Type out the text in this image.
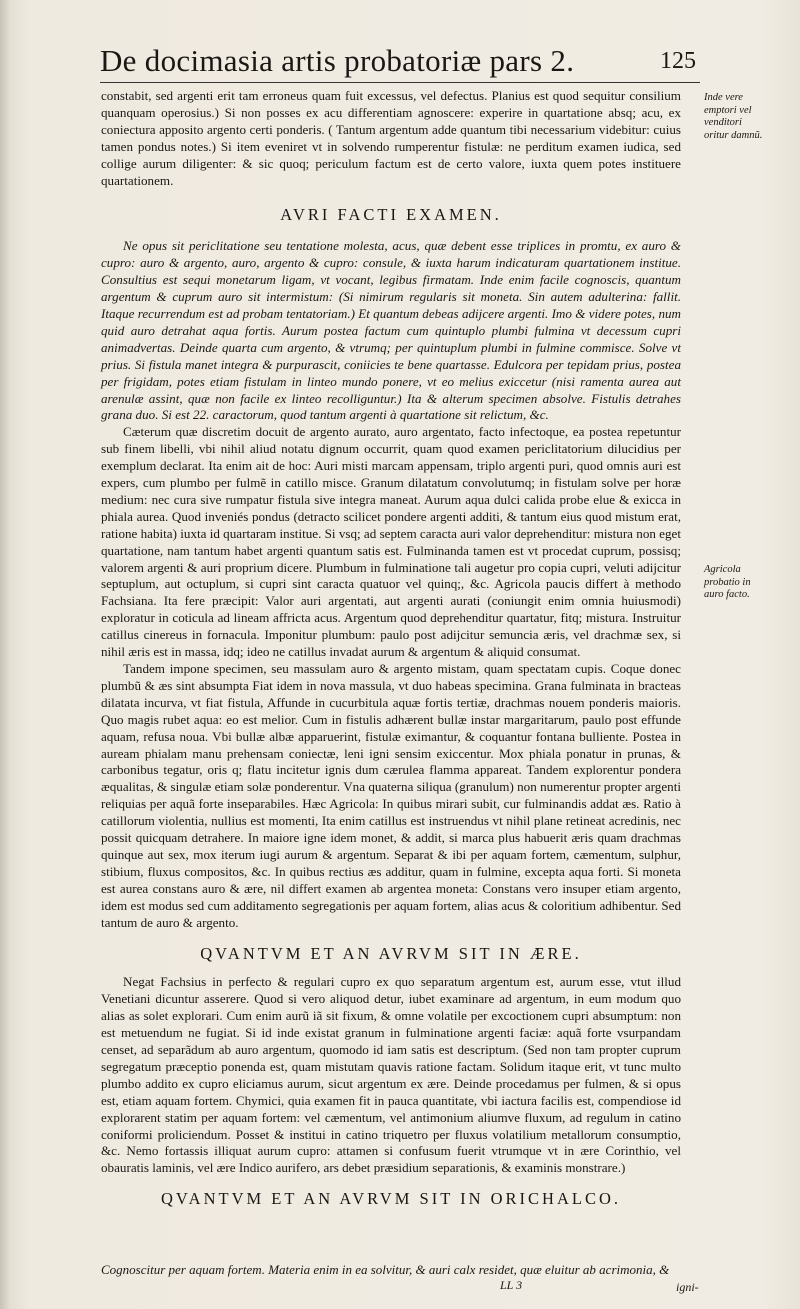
De docimasia artis probatoriæ pars 2.	125
Inde vere emptori vel venditori oritur damnũ.
Agricola probatio in auro facto.

constabit, sed argenti erit tam erroneus quam fuit excessus, vel defectus. Planius est quod sequitur consilium quanquam operosius.) Si non posses ex acu differentiam agnoscere: experire in quartatione absq; acu, ex coniectura apposito argento certi ponderis. ( Tantum argentum adde quantum tibi necessarium videbitur: cuius tamen pondus notes.) Si item eveniret vt in solvendo rumperentur fistulæ: ne perditum examen iudica, sed collige aurum diligenter: & sic quoq; periculum factum est de certo valore, iuxta quem potes instituere quartationem.

AVRI FACTI EXAMEN.

Ne opus sit periclitatione seu tentatione molesta, acus, quæ debent esse triplices in promtu, ex auro & cupro: auro & argento, auro, argento & cupro: consule, & iuxta harum indicaturam quartationem institue. Consultius est sequi monetarum ligam, vt vocant, legibus firmatam. Inde enim facile cognoscis, quantum argentum & cuprum auro sit intermistum: (Si nimirum regularis sit moneta. Sin autem adulterina: fallit. Itaque recurrendum est ad probam tentatoriam.) Et quantum debeas adijcere argenti. Imo & videre potes, num quid auro detrahat aqua fortis. Aurum postea factum cum quintuplo plumbi fulmina vt decessum cupri animadvertas. Deinde quarta cum argento, & vtrumq; per quintuplum plumbi in fulmine commisce. Solve vt prius. Si fistula manet integra & purpurascit, coniicies te bene quartasse. Edulcora per tepidam prius, postea per frigidam, potes etiam fistulam in linteo mundo ponere, vt eo melius exiccetur (nisi ramenta aurea aut arenulæ assint, quæ non facile ex linteo recolliguntur.) Ita & alterum specimen absolve. Fistulis detrahes grana duo. Si est 22. caractorum, quod tantum argenti à quartatione sit relictum, &c.

Cæterum quæ discretim docuit de argento aurato, auro argentato, facto infectoque, ea postea repetuntur sub finem libelli, vbi nihil aliud notatu dignum occurrit, quam quod examen periclitatorium dilucidius per exemplum declarat. Ita enim ait de hoc: Auri misti marcam appensam, triplo argenti puri, quod omnis auri est expers, cum plumbo per fulmẽ in catillo misce. Granum dilatatum convolutumq; in fistulam solve per horæ medium: nec cura sive rumpatur fistula sive integra maneat. Aurum aqua dulci calida probe elue & exicca in phiala aurea. Quod inveniés pondus (detracto scilicet pondere argenti additi, & tantum eius quod mistum erat, ratione habita) iuxta id quartaram institue. Si vsq; ad septem caracta auri valor deprehenditur: mistura non eget quartatione, nam tantum habet argenti quantum satis est. Fulminanda tamen est vt procedat cuprum, possisq; valorem argenti & auri proprium dicere. Plumbum in fulminatione tali augetur pro copia cupri, veluti adijcitur septuplum, aut octuplum, si cupri sint caracta quatuor vel quinq;, &c. Agricola paucis differt à methodo Fachsiana. Ita fere præcipit: Valor auri argentati, aut argenti aurati (coniungit enim omnia huiusmodi) exploratur in coticula ad lineam affricta acus. Argentum quod deprehenditur quartatur, fitq; mistura. Instruitur catillus cinereus in fornacula. Imponitur plumbum: paulo post adijcitur semuncia æris, vel drachmæ sex, si nihil æris est in massa, idq; ideo ne catillus invadat aurum & argentum & aliquid consumat.

Tandem impone specimen, seu massulam auro & argento mistam, quam spectatam cupis. Coque donec plumbũ & æs sint absumpta Fiat idem in nova massula, vt duo habeas specimina. Grana fulminata in bracteas dilatata incurva, vt fiat fistula, Affunde in cucurbitula aquæ fortis tertiæ, drachmas nouem ponderis maioris. Quo magis rubet aqua: eo est melior. Cum in fistulis adhærent bullæ instar margaritarum, paulo post effunde aquam, refusa noua. Vbi bullæ albæ apparuerint, fistulæ eximantur, & coquantur fontana bulliente. Postea in auream phialam manu prehensam coniectæ, leni igni sensim exiccentur. Mox phiala ponatur in prunas, & carbonibus tegatur, oris q; flatu incitetur ignis dum cærulea flamma appareat. Tandem explorentur pondera æqualitas, & singulæ etiam solæ ponderentur. Vna quaterna siliqua (granulum) non numerentur propter argenti reliquias per aquã forte inseparabiles. Hæc Agricola: In quibus mirari subit, cur fulminandis addat æs. Ratio à catillorum violentia, nullius est momenti, Ita enim catillus est instruendus vt nihil plane retineat acredinis, nec possit quicquam detrahere. In maiore igne idem monet, & addit, si marca plus habuerit æris quam drachmas quinque aut sex, mox iterum iugi aurum & argentum. Separat & ibi per aquam fortem, cæmentum, sulphur, stibium, fluxus compositos, &c. In quibus rectius æs additur, quam in fulmine, excepta aqua forti. Si moneta est aurea constans auro & ære, nil differt examen ab argentea moneta: Constans vero insuper etiam argento, idem est modus sed cum additamento segregationis per aquam fortem, alias acus & coloritium adhibentur. Sed tantum de auro & argento.

QVANTVM ET AN AVRVM SIT IN ÆRE.

Negat Fachsius in perfecto & regulari cupro ex quo separatum argentum est, aurum esse, vtut illud Venetiani dicuntur asserere. Quod si vero aliquod detur, iubet examinare ad argentum, in eum modum quo alias as solet explorari. Cum enim aurũ iã sit fixum, & omne volatile per excoctionem cupri absumptum: non est metuendum ne fugiat. Si id inde existat granum in fulminatione argenti faciæ: aquã forte vsurpandam censet, ad separãdum ab auro argentum, quomodo id iam satis est descriptum. (Sed non tam propter cuprum segregatum præceptio ponenda est, quam mistutam quavis ratione factam. Solidum itaque erit, vt tunc multo plumbo addito ex cupro eliciamus aurum, sicut argentum ex ære. Deinde procedamus per fulmen, & si opus est, etiam aquam fortem. Chymici, quia examen fit in pauca quantitate, vbi iactura facilis est, compendiose id explorarent statim per aquam fortem: vel cæmentum, vel antimonium aliumve fluxum, ad regulum in catino coniformi proliciendum. Posset & institui in catino triquetro per fluxus volatilium metallorum consumptio, &c. Nemo fortassis illiquat aurum cupro: attamen si confusum fuerit vtrumque vt in ære Corinthio, vel obauratis laminis, vel ære Indico aurifero, ars debet præsidium separationis, & examinis monstrare.)

QVANTVM ET AN AVRVM SIT IN ORICHALCO.
Cognoscitur per aquam fortem. Materia enim in ea solvitur, & auri calx residet, quæ eluitur ab acrimonia, &
LL 3	igni-
